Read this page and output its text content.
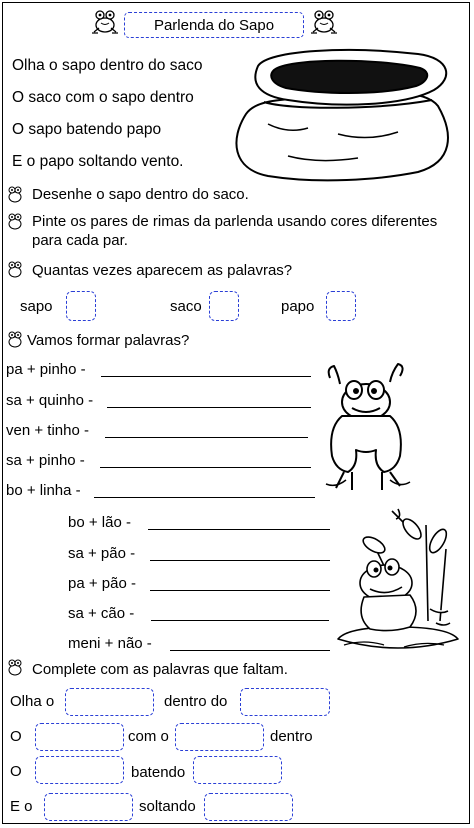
Parlenda do Sapo
Olha o sapo dentro do saco
O saco com o sapo dentro
O sapo batendo papo
E o papo soltando vento.
Desenhe o sapo dentro do saco.
Pinte os pares de rimas da parlenda usando cores diferentes
para cada par.
Quantas vezes aparecem as palavras?
sapo	saco	papo
Vamos formar palavras?
pa + pinho -
sa + quinho -
ven + tinho -
sa + pinho -
bo + linha -
bo + lão -
sa + pão -
pa + pão -
sa + cão -
meni + não -
Complete com as palavras que faltam.
Olha o	dentro do
O	com o	dentro
O	batendo
E o	soltando
